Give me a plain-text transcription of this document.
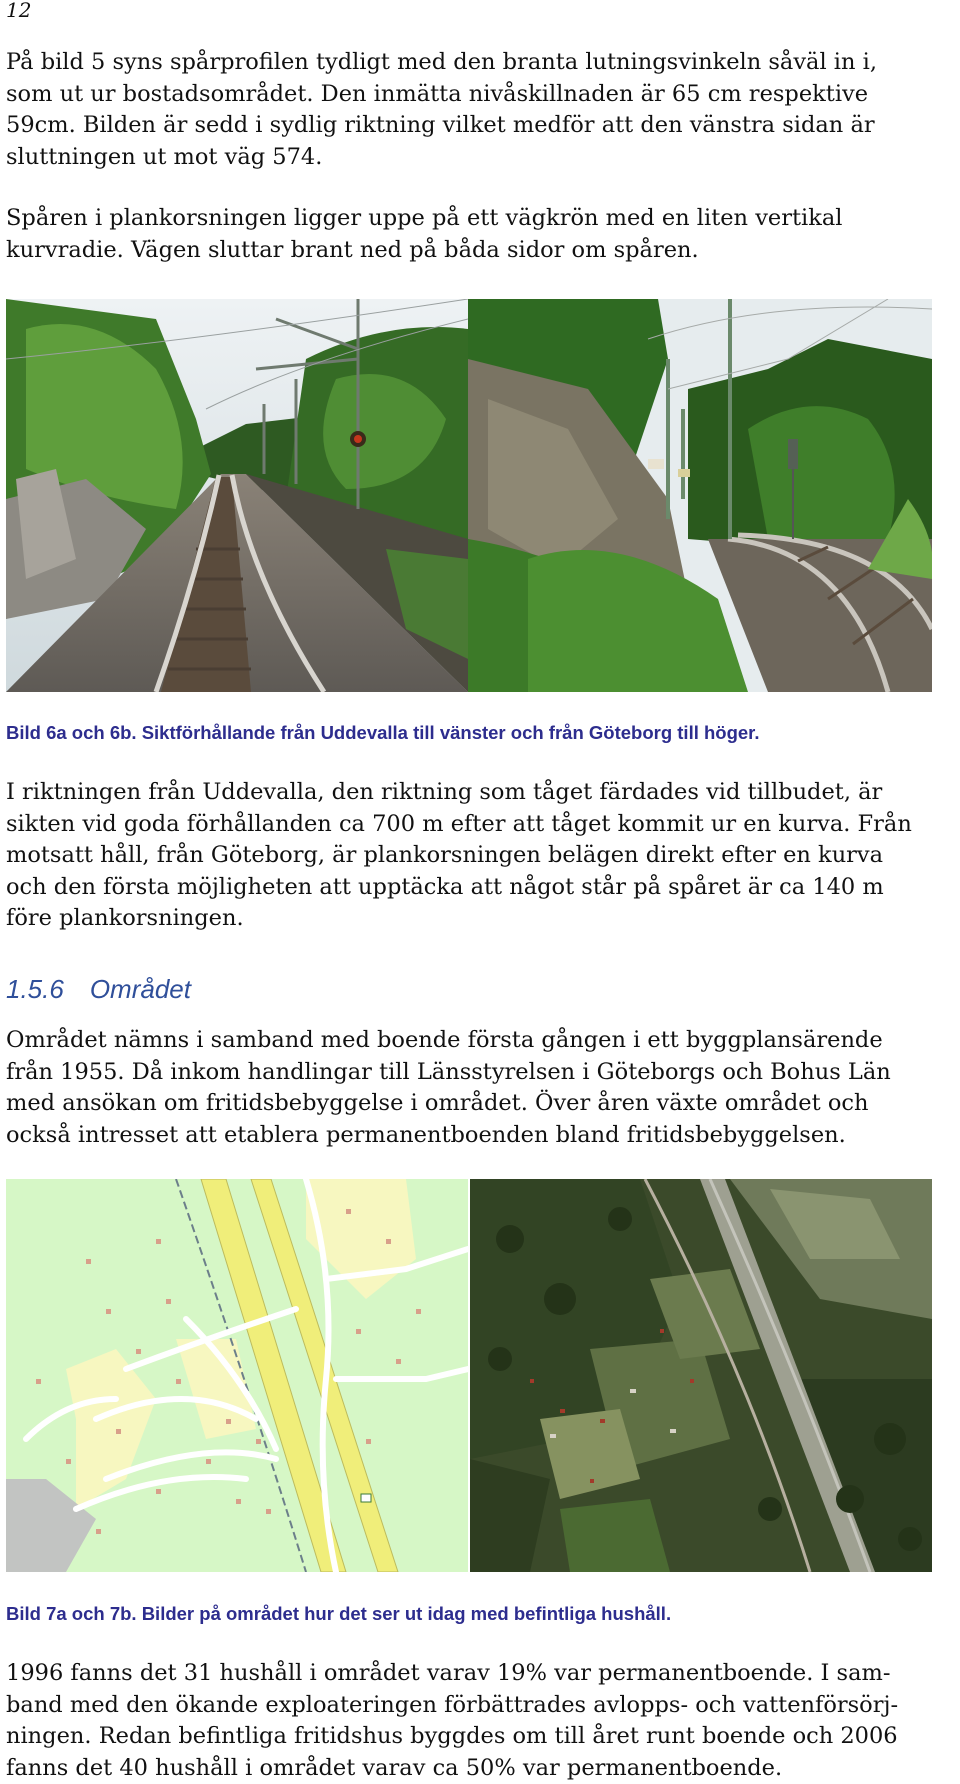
12

På bild 5 syns spårprofilen tydligt med den branta lutningsvinkeln såväl in i,
som ut ur bostadsområdet. Den inmätta nivåskillnaden är 65 cm respektive
59cm. Bilden är sedd i sydlig riktning vilket medför att den vänstra sidan är
sluttningen ut mot väg 574.

Spåren i plankorsningen ligger uppe på ett vägkrön med en liten vertikal
kurvradie. Vägen sluttar brant ned på båda sidor om spåren.

Bild 6a och 6b. Siktförhållande från Uddevalla till vänster och från Göteborg till höger.

I riktningen från Uddevalla, den riktning som tåget färdades vid tillbudet, är
sikten vid goda förhållanden ca 700 m efter att tåget kommit ur en kurva. Från
motsatt håll, från Göteborg, är plankorsningen belägen direkt efter en kurva
och den första möjligheten att upptäcka att något står på spåret är ca 140 m
före plankorsningen.

1.5.6 Området

Området nämns i samband med boende första gången i ett byggplansärende
från 1955. Då inkom handlingar till Länsstyrelsen i Göteborgs och Bohus Län
med ansökan om fritidsbebyggelse i området. Över åren växte området och
också intresset att etablera permanentboenden bland fritidsbebyggelsen.

Bild 7a och 7b. Bilder på området hur det ser ut idag med befintliga hushåll.

1996 fanns det 31 hushåll i området varav 19% var permanentboende. I sam-
band med den ökande exploateringen förbättrades avlopps- och vattenförsörj-
ningen. Redan befintliga fritidshus byggdes om till året runt boende och 2006
fanns det 40 hushåll i området varav ca 50% var permanentboende.
